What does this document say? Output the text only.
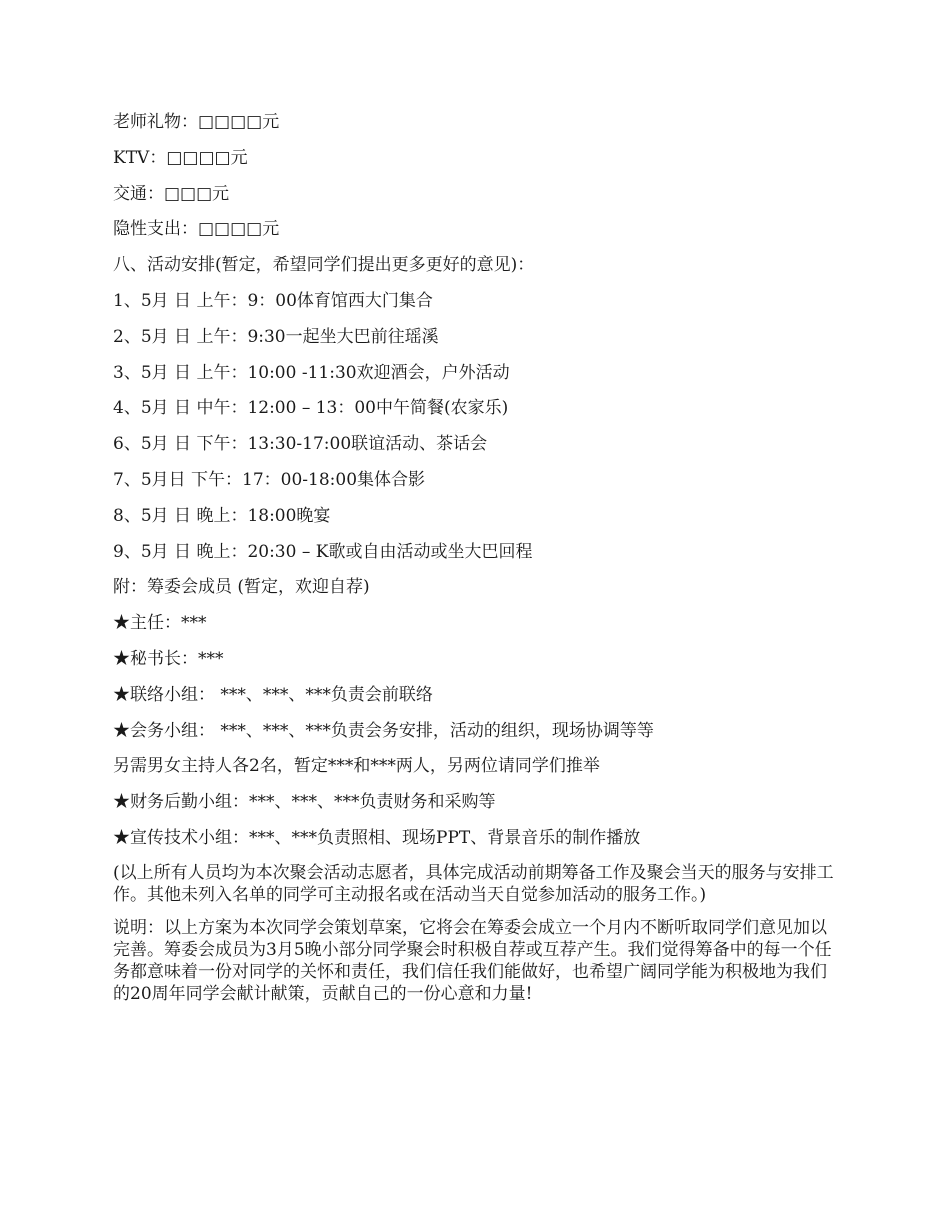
老师礼物：□□□□元
KTV：□□□□元
交通：□□□元
隐性支出：□□□□元
八、活动安排(暂定，希望同学们提出更多更好的意见)：
1、5月 日 上午：9：00体育馆西大门集合
2、5月 日 上午：9:30一起坐大巴前往瑶溪
3、5月 日 上午：10:00 -11:30欢迎酒会，户外活动
4、5月 日 中午：12:00 – 13：00中午简餐(农家乐)
6、5月 日 下午：13:30-17:00联谊活动、茶话会
7、5月日 下午：17：00-18:00集体合影
8、5月 日 晚上：18:00晚宴
9、5月 日 晚上：20:30 – K歌或自由活动或坐大巴回程
附：筹委会成员 (暂定，欢迎自荐)
★主任：***
★秘书长：***
★联络小组： ***、***、***负责会前联络
★会务小组： ***、***、***负责会务安排，活动的组织，现场协调等等
另需男女主持人各2名，暂定***和***两人，另两位请同学们推举
★财务后勤小组：***、***、***负责财务和采购等
★宣传技术小组：***、***负责照相、现场PPT、背景音乐的制作播放
(以上所有人员均为本次聚会活动志愿者，具体完成活动前期筹备工作及聚会当天的服务与安排工作。其他未列入名单的同学可主动报名或在活动当天自觉参加活动的服务工作。)
说明：以上方案为本次同学会策划草案，它将会在筹委会成立一个月内不断听取同学们意见加以完善。筹委会成员为3月5晚小部分同学聚会时积极自荐或互荐产生。我们觉得筹备中的每一个任务都意味着一份对同学的关怀和责任，我们信任我们能做好，也希望广阔同学能为积极地为我们的20周年同学会献计献策，贡献自己的一份心意和力量!
